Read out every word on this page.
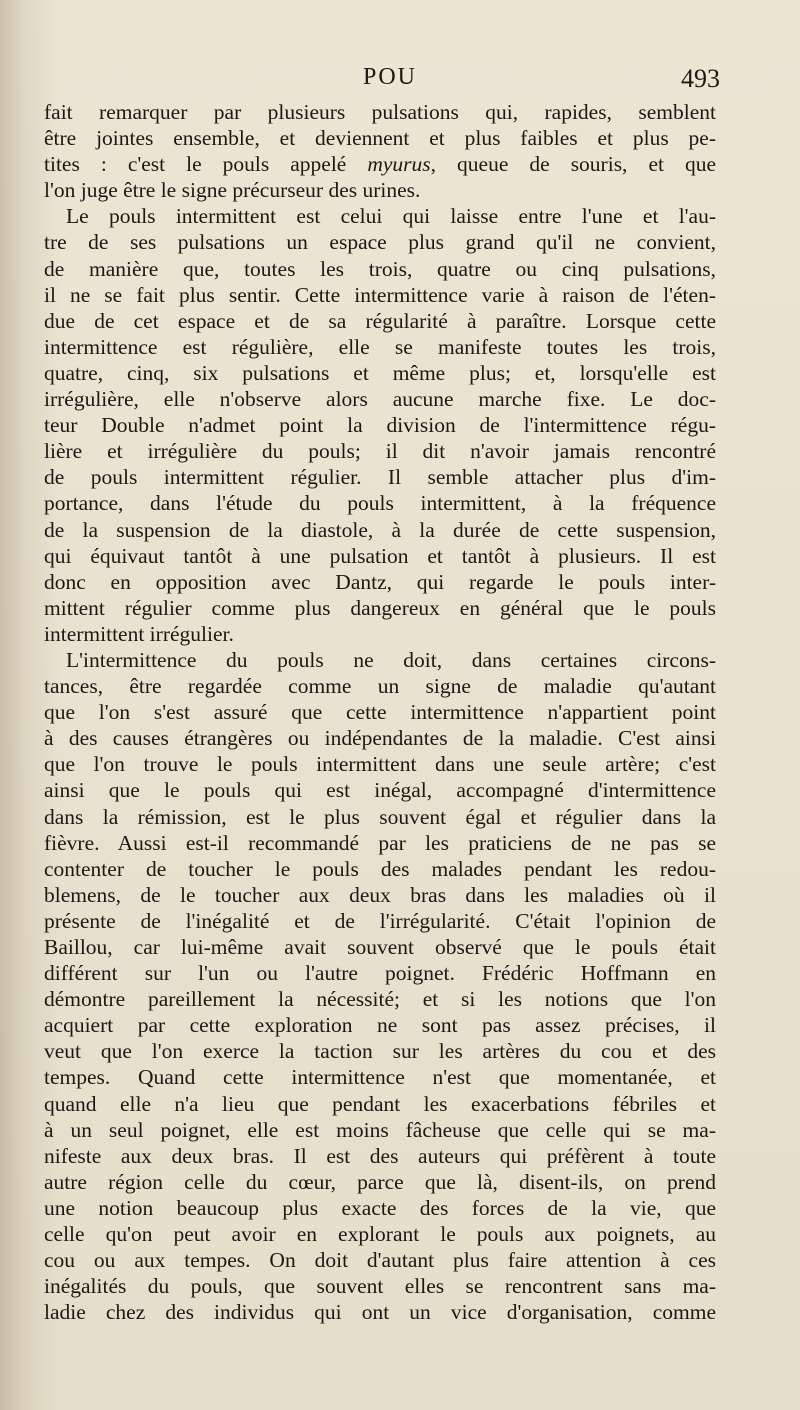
POU	493
fait remarquer par plusieurs pulsations qui, rapides, semblent
être jointes ensemble, et deviennent et plus faibles et plus pe-
tites : c'est le pouls appelé myurus, queue de souris, et que
l'on juge être le signe précurseur des urines.
Le pouls intermittent est celui qui laisse entre l'une et l'au-
tre de ses pulsations un espace plus grand qu'il ne convient,
de manière que, toutes les trois, quatre ou cinq pulsations,
il ne se fait plus sentir. Cette intermittence varie à raison de l'éten-
due de cet espace et de sa régularité à paraître. Lorsque cette
intermittence est régulière, elle se manifeste toutes les trois,
quatre, cinq, six pulsations et même plus; et, lorsqu'elle est
irrégulière, elle n'observe alors aucune marche fixe. Le doc-
teur Double n'admet point la division de l'intermittence régu-
lière et irrégulière du pouls; il dit n'avoir jamais rencontré
de pouls intermittent régulier. Il semble attacher plus d'im-
portance, dans l'étude du pouls intermittent, à la fréquence
de la suspension de la diastole, à la durée de cette suspension,
qui équivaut tantôt à une pulsation et tantôt à plusieurs. Il est
donc en opposition avec Dantz, qui regarde le pouls inter-
mittent régulier comme plus dangereux en général que le pouls
intermittent irrégulier.
L'intermittence du pouls ne doit, dans certaines circons-
tances, être regardée comme un signe de maladie qu'autant
que l'on s'est assuré que cette intermittence n'appartient point
à des causes étrangères ou indépendantes de la maladie. C'est ainsi
que l'on trouve le pouls intermittent dans une seule artère; c'est
ainsi que le pouls qui est inégal, accompagné d'intermittence
dans la rémission, est le plus souvent égal et régulier dans la
fièvre. Aussi est-il recommandé par les praticiens de ne pas se
contenter de toucher le pouls des malades pendant les redou-
blemens, de le toucher aux deux bras dans les maladies où il
présente de l'inégalité et de l'irrégularité. C'était l'opinion de
Baillou, car lui-même avait souvent observé que le pouls était
différent sur l'un ou l'autre poignet. Frédéric Hoffmann en
démontre pareillement la nécessité; et si les notions que l'on
acquiert par cette exploration ne sont pas assez précises, il
veut que l'on exerce la taction sur les artères du cou et des
tempes. Quand cette intermittence n'est que momentanée, et
quand elle n'a lieu que pendant les exacerbations fébriles et
à un seul poignet, elle est moins fâcheuse que celle qui se ma-
nifeste aux deux bras. Il est des auteurs qui préfèrent à toute
autre région celle du cœur, parce que là, disent-ils, on prend
une notion beaucoup plus exacte des forces de la vie, que
celle qu'on peut avoir en explorant le pouls aux poignets, au
cou ou aux tempes. On doit d'autant plus faire attention à ces
inégalités du pouls, que souvent elles se rencontrent sans ma-
ladie chez des individus qui ont un vice d'organisation, comme
